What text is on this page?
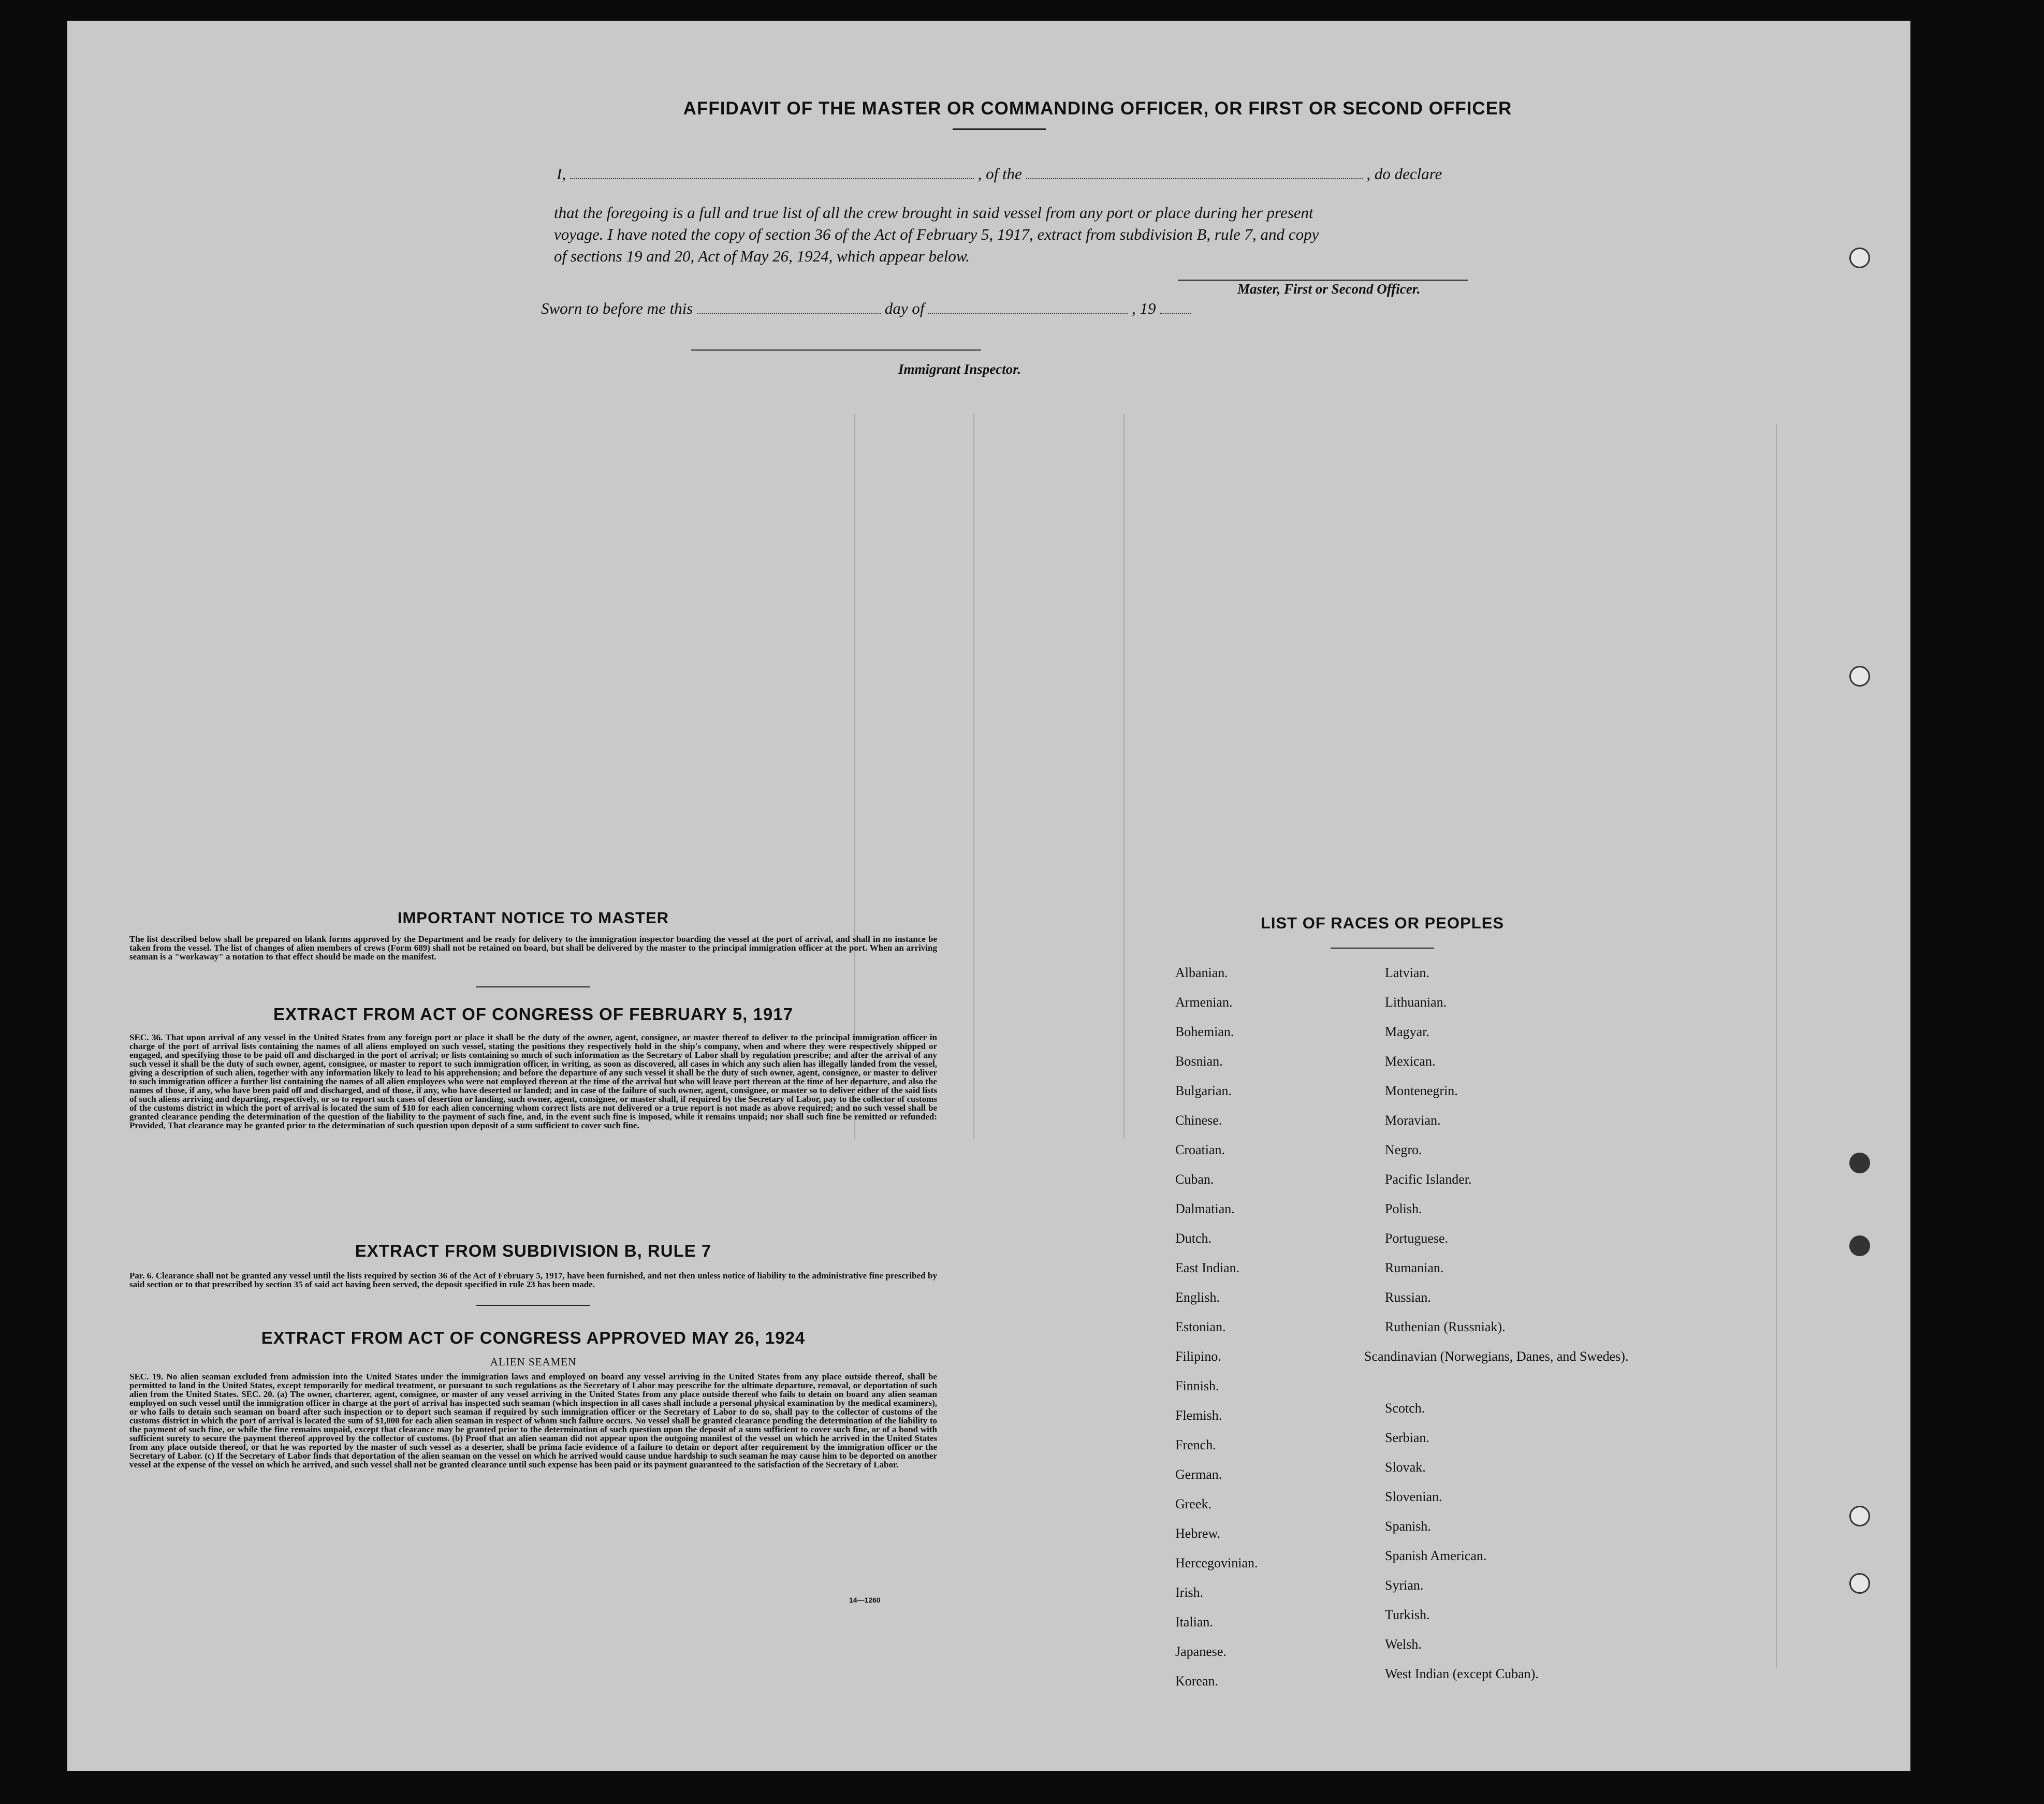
AFFIDAVIT OF THE MASTER OR COMMANDING OFFICER, OR FIRST OR SECOND OFFICER
I,	, of the	, do declare
that the foregoing is a full and true list of all the crew brought in said vessel from any port or place during her present
voyage. I have noted the copy of section 36 of the Act of February 5, 1917, extract from subdivision B, rule 7, and copy
of sections 19 and 20, Act of May 26, 1924, which appear below.
Master, First or Second Officer.
Sworn to before me this	day of	, 19
Immigrant Inspector.
IMPORTANT NOTICE TO MASTER
The list described below shall be prepared on blank forms approved by the Department and be ready for delivery to the immigration inspector boarding the vessel at the port of arrival, and shall in no instance be taken from the vessel. The list of changes of alien members of crews (Form 689) shall not be retained on board, but shall be delivered by the master to the principal immigration officer at the port. When an arriving seaman is a "workaway" a notation to that effect should be made on the manifest.
EXTRACT FROM ACT OF CONGRESS OF FEBRUARY 5, 1917
SEC. 36. That upon arrival of any vessel in the United States from any foreign port or place it shall be the duty of the owner, agent, consignee, or master thereof to deliver to the principal immigration officer in charge of the port of arrival lists containing the names of all aliens employed on such vessel, stating the positions they respectively hold in the ship's company, when and where they were respectively shipped or engaged, and specifying those to be paid off and discharged in the port of arrival; or lists containing so much of such information as the Secretary of Labor shall by regulation prescribe; and after the arrival of any such vessel it shall be the duty of such owner, agent, consignee, or master to report to such immigration officer, in writing, as soon as discovered, all cases in which any such alien has illegally landed from the vessel, giving a description of such alien, together with any information likely to lead to his apprehension; and before the departure of any such vessel it shall be the duty of such owner, agent, consignee, or master to deliver to such immigration officer a further list containing the names of all alien employees who were not employed thereon at the time of the arrival but who will leave port thereon at the time of her departure, and also the names of those, if any, who have been paid off and discharged, and of those, if any, who have deserted or landed; and in case of the failure of such owner, agent, consignee, or master so to deliver either of the said lists of such aliens arriving and departing, respectively, or so to report such cases of desertion or landing, such owner, agent, consignee, or master shall, if required by the Secretary of Labor, pay to the collector of customs of the customs district in which the port of arrival is located the sum of $10 for each alien concerning whom correct lists are not delivered or a true report is not made as above required; and no such vessel shall be granted clearance pending the determination of the question of the liability to the payment of such fine, and, in the event such fine is imposed, while it remains unpaid; nor shall such fine be remitted or refunded: Provided, That clearance may be granted prior to the determination of such question upon deposit of a sum sufficient to cover such fine.
EXTRACT FROM SUBDIVISION B, RULE 7
Par. 6. Clearance shall not be granted any vessel until the lists required by section 36 of the Act of February 5, 1917, have been furnished, and not then unless notice of liability to the administrative fine prescribed by said section or to that prescribed by section 35 of said act having been served, the deposit specified in rule 23 has been made.
EXTRACT FROM ACT OF CONGRESS APPROVED MAY 26, 1924
ALIEN SEAMEN
SEC. 19. No alien seaman excluded from admission into the United States under the immigration laws and employed on board any vessel arriving in the United States from any place outside thereof, shall be permitted to land in the United States, except temporarily for medical treatment, or pursuant to such regulations as the Secretary of Labor may prescribe for the ultimate departure, removal, or deportation of such alien from the United States. SEC. 20. (a) The owner, charterer, agent, consignee, or master of any vessel arriving in the United States from any place outside thereof who fails to detain on board any alien seaman employed on such vessel until the immigration officer in charge at the port of arrival has inspected such seaman (which inspection in all cases shall include a personal physical examination by the medical examiners), or who fails to detain such seaman on board after such inspection or to deport such seaman if required by such immigration officer or the Secretary of Labor to do so, shall pay to the collector of customs of the customs district in which the port of arrival is located the sum of $1,000 for each alien seaman in respect of whom such failure occurs. No vessel shall be granted clearance pending the determination of the liability to the payment of such fine, or while the fine remains unpaid, except that clearance may be granted prior to the determination of such question upon the deposit of a sum sufficient to cover such fine, or of a bond with sufficient surety to secure the payment thereof approved by the collector of customs. (b) Proof that an alien seaman did not appear upon the outgoing manifest of the vessel on which he arrived in the United States from any place outside thereof, or that he was reported by the master of such vessel as a deserter, shall be prima facie evidence of a failure to detain or deport after requirement by the immigration officer or the Secretary of Labor. (c) If the Secretary of Labor finds that deportation of the alien seaman on the vessel on which he arrived would cause undue hardship to such seaman he may cause him to be deported on another vessel at the expense of the vessel on which he arrived, and such vessel shall not be granted clearance until such expense has been paid or its payment guaranteed to the satisfaction of the Secretary of Labor.
14—1260
LIST OF RACES OR PEOPLES
Albanian.
Armenian.
Bohemian.
Bosnian.
Bulgarian.
Chinese.
Croatian.
Cuban.
Dalmatian.
Dutch.
East Indian.
English.
Estonian.
Filipino.
Finnish.
Flemish.
French.
German.
Greek.
Hebrew.
Hercegovinian.
Irish.
Italian.
Japanese.
Korean.
Latvian.
Lithuanian.
Magyar.
Mexican.
Montenegrin.
Moravian.
Negro.
Pacific Islander.
Polish.
Portuguese.
Rumanian.
Russian.
Ruthenian (Russniak).
Scandinavian (Norwegians, Danes, and Swedes).
Scotch.
Serbian.
Slovak.
Slovenian.
Spanish.
Spanish American.
Syrian.
Turkish.
Welsh.
West Indian (except Cuban).
